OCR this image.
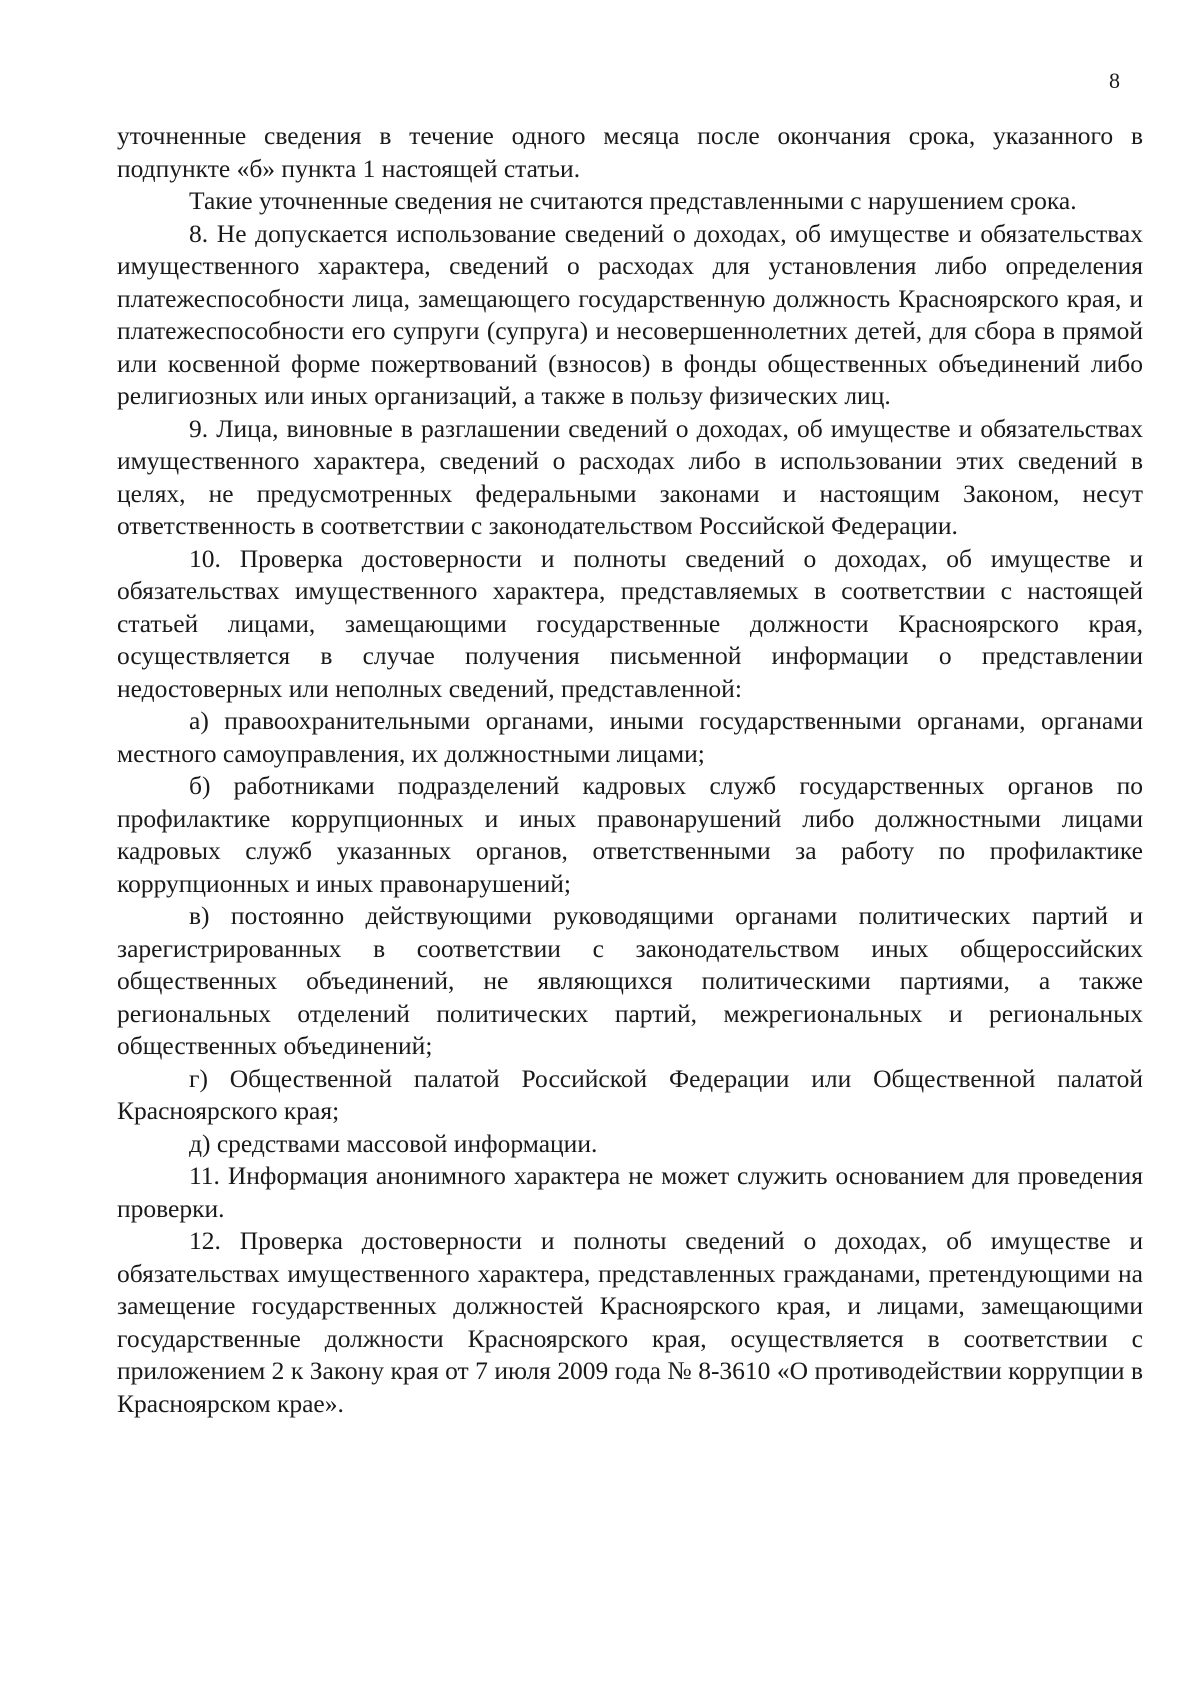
8

уточненные сведения в течение одного месяца после окончания срока, указанного в подпункте «б» пункта 1 настоящей статьи.

Такие уточненные сведения не считаются представленными с нарушением срока.

8. Не допускается использование сведений о доходах, об имуществе и обязательствах имущественного характера, сведений о расходах для установления либо определения платежеспособности лица, замещающего государственную должность Красноярского края, и платежеспособности его супруги (супруга) и несовершеннолетних детей, для сбора в прямой или косвенной форме пожертвований (взносов) в фонды общественных объединений либо религиозных или иных организаций, а также в пользу физических лиц.

9. Лица, виновные в разглашении сведений о доходах, об имуществе и обязательствах имущественного характера, сведений о расходах либо в использовании этих сведений в целях, не предусмотренных федеральными законами и настоящим Законом, несут ответственность в соответствии с законодательством Российской Федерации.

10. Проверка достоверности и полноты сведений о доходах, об имуществе и обязательствах имущественного характера, представляемых в соответствии с настоящей статьей лицами, замещающими государственные должности Красноярского края, осуществляется в случае получения письменной информации о представлении недостоверных или неполных сведений, представленной:

а) правоохранительными органами, иными государственными органами, органами местного самоуправления, их должностными лицами;

б) работниками подразделений кадровых служб государственных органов по профилактике коррупционных и иных правонарушений либо должностными лицами кадровых служб указанных органов, ответственными за работу по профилактике коррупционных и иных правонарушений;

в) постоянно действующими руководящими органами политических партий и зарегистрированных в соответствии с законодательством иных общероссийских общественных объединений, не являющихся политическими партиями, а также региональных отделений политических партий, межрегиональных и региональных общественных объединений;

г) Общественной палатой Российской Федерации или Общественной палатой Красноярского края;

д) средствами массовой информации.

11. Информация анонимного характера не может служить основанием для проведения проверки.

12. Проверка достоверности и полноты сведений о доходах, об имуществе и обязательствах имущественного характера, представленных гражданами, претендующими на замещение государственных должностей Красноярского края, и лицами, замещающими государственные должности Красноярского края, осуществляется в соответствии с приложением 2 к Закону края от 7 июля 2009 года № 8-3610 «О противодействии коррупции в Красноярском крае».
